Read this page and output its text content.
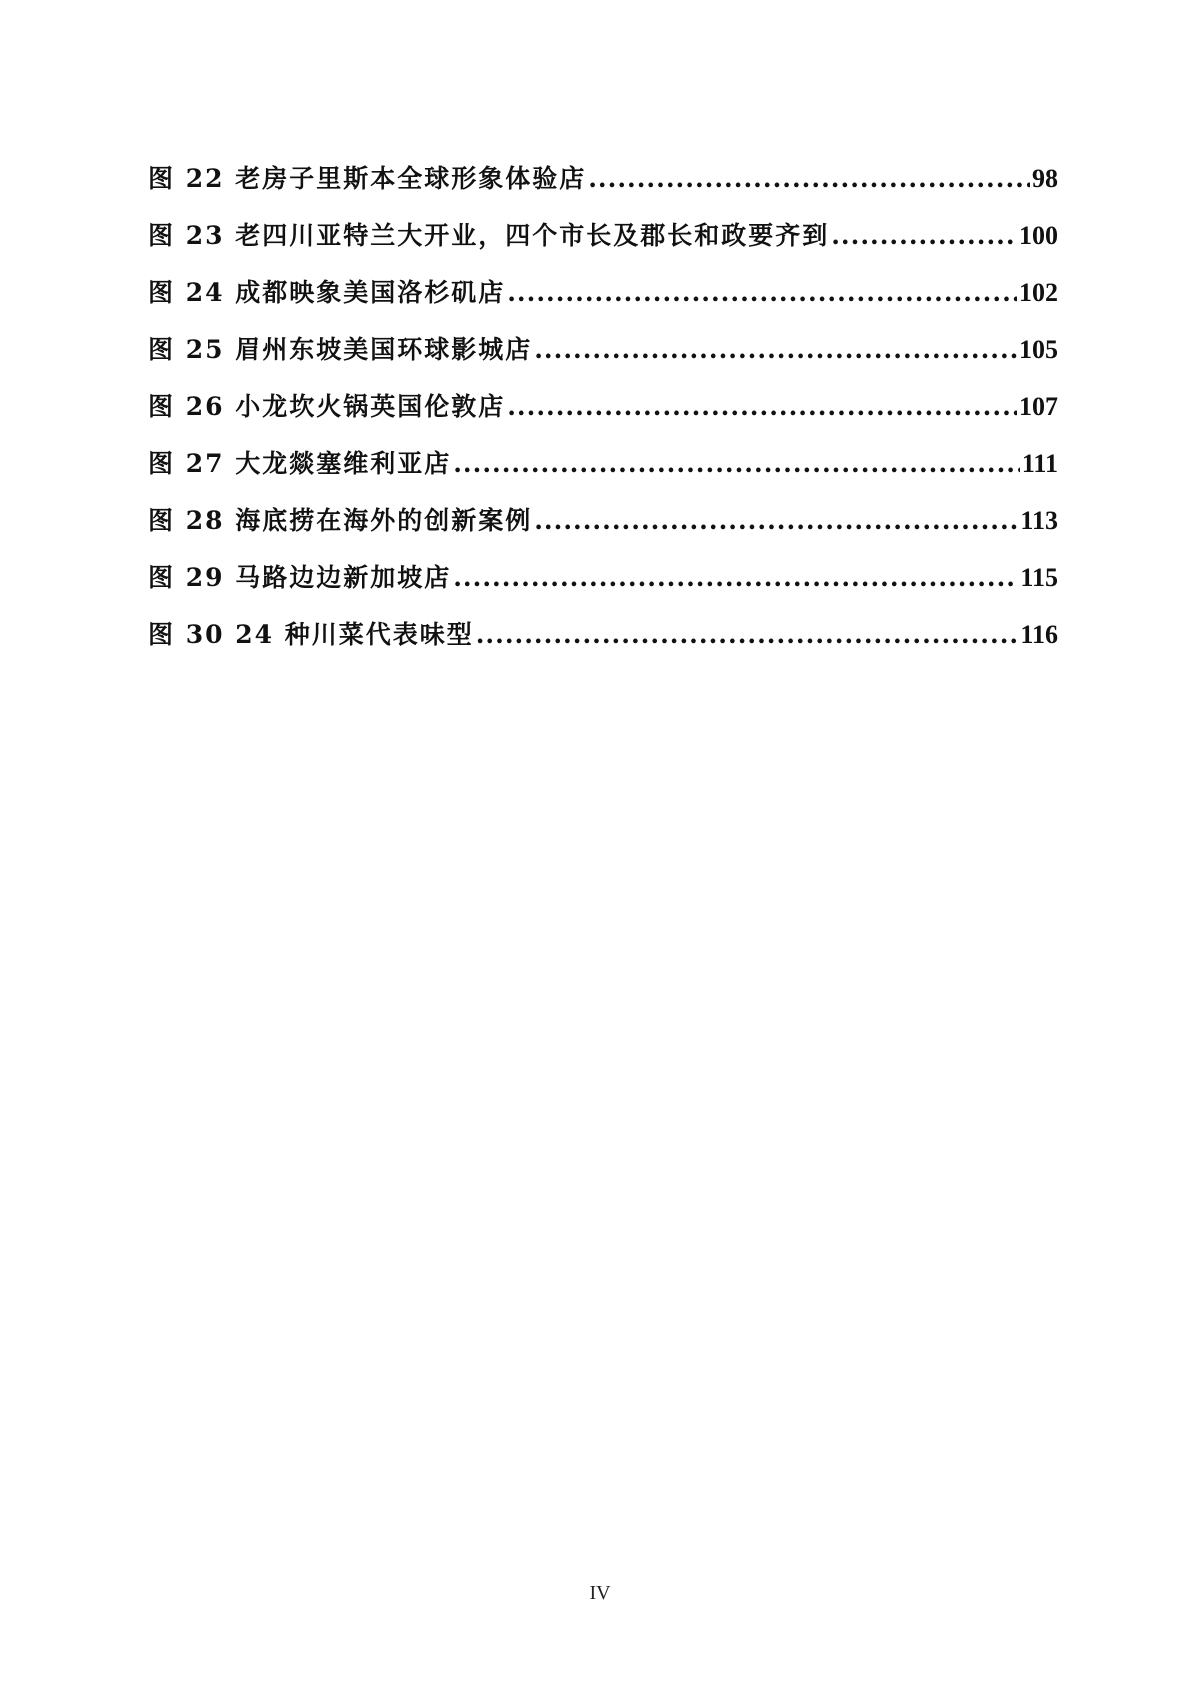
图 22 老房子里斯本全球形象体验店 .....	98
图 23 老四川亚特兰大开业，四个市长及郡长和政要齐到 .....	100
图 24 成都映象美国洛杉矶店 .....	102
图 25 眉州东坡美国环球影城店 .....	105
图 26 小龙坎火锅英国伦敦店 .....	107
图 27 大龙燚塞维利亚店 .....	111
图 28 海底捞在海外的创新案例 .....	113
图 29 马路边边新加坡店 .....	115
图 30 24 种川菜代表味型 .....	116
IV
